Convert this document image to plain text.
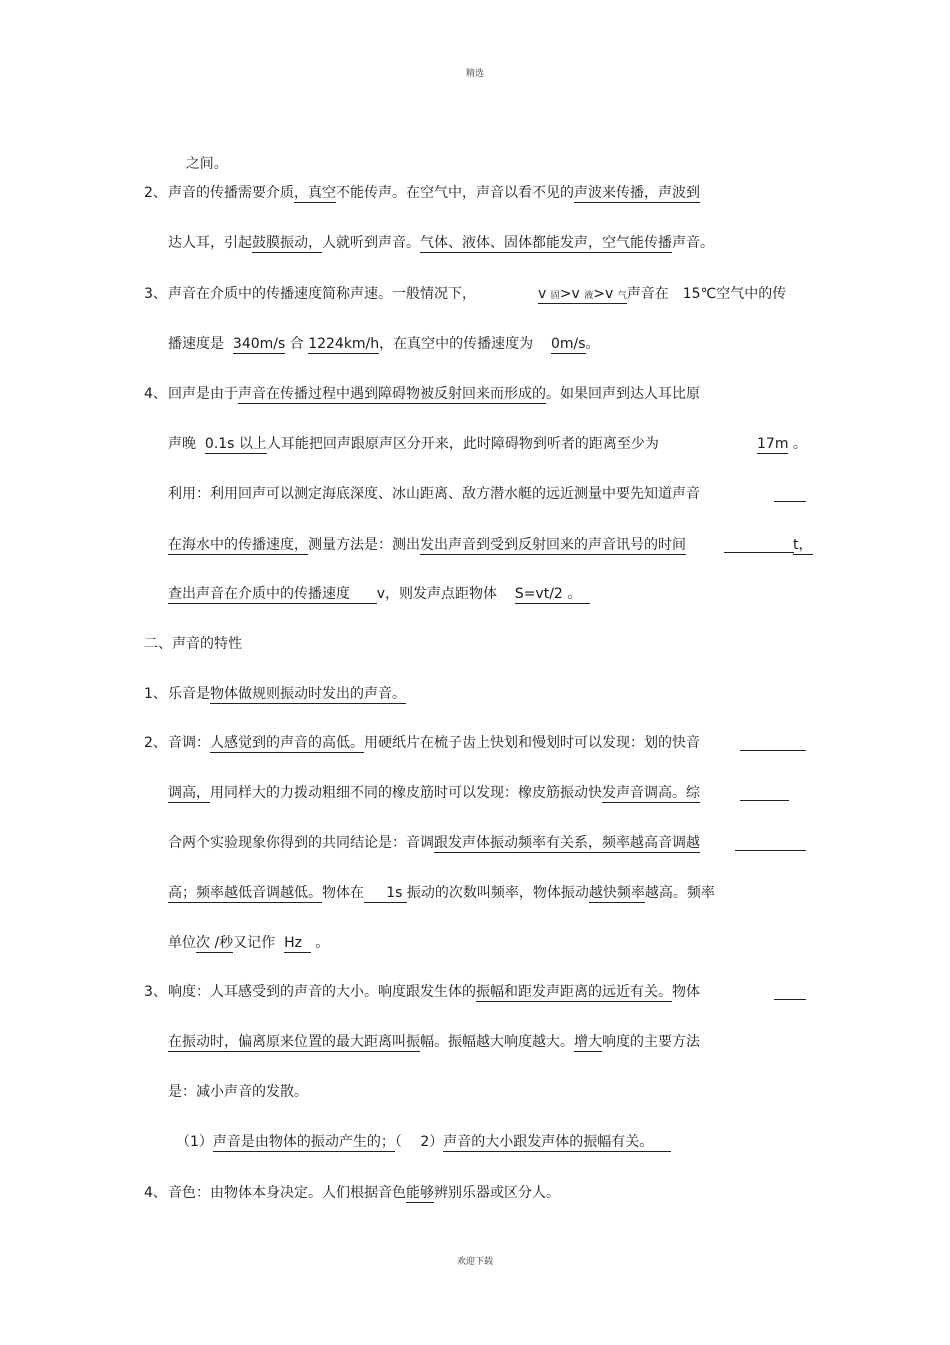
精选

之间。

2、 声音的传播需要介质，真空不能传声。在空气中，声音以看不见的声波来传播，声波到
达人耳，引起鼓膜振动，人就听到声音。气体、液体、固体都能发声，空气能传播声音。
3、 声音在介质中的传播速度简称声速。一般情况下，	v 固>v 液>v 气声音在　15℃空气中的传
播速度是 340m/s 合 1224km/h，在真空中的传播速度为 0m/s。
4、 回声是由于声音在传播过程中遇到障碍物被反射回来而形成的。如果回声到达人耳比原
声晚 0.1s 以上人耳能把回声跟原声区分开来，此时障碍物到听者的距离至少为	17m 。
利用：利用回声可以测定海底深度、冰山距离、敌方潜水艇的远近测量中要先知道声音
在海水中的传播速度，测量方法是：测出发出声音到受到反射回来的声音讯号的时间	t，
查出声音在介质中的传播速度 v，则发声点距物体 S=vt/2 。
二、声音的特性
1、 乐音是物体做规则振动时发出的声音。
2、 音调：人感觉到的声音的高低。用硬纸片在梳子齿上快划和慢划时可以发现：划的快音
调高，用同样大的力拨动粗细不同的橡皮筋时可以发现：橡皮筋振动快发声音调高。综
合两个实验现象你得到的共同结论是：音调跟发声体振动频率有关系，频率越高音调越
高；频率越低音调越低。物体在 1s 振动的次数叫频率，物体振动越快频率越高。频率
单位次 /秒又记作 Hz 。
3、 响度：人耳感受到的声音的大小。响度跟发生体的振幅和距发声距离的远近有关。物体
在振动时，偏离原来位置的最大距离叫振幅。振幅越大响度越大。增大响度的主要方法
是：减小声音的发散。
（1）声音是由物体的振动产生的；（　 2）声音的大小跟发声体的振幅有关。
4、 音色：由物体本身决定。人们根据音色能够辨别乐器或区分人。
欢迎下载
